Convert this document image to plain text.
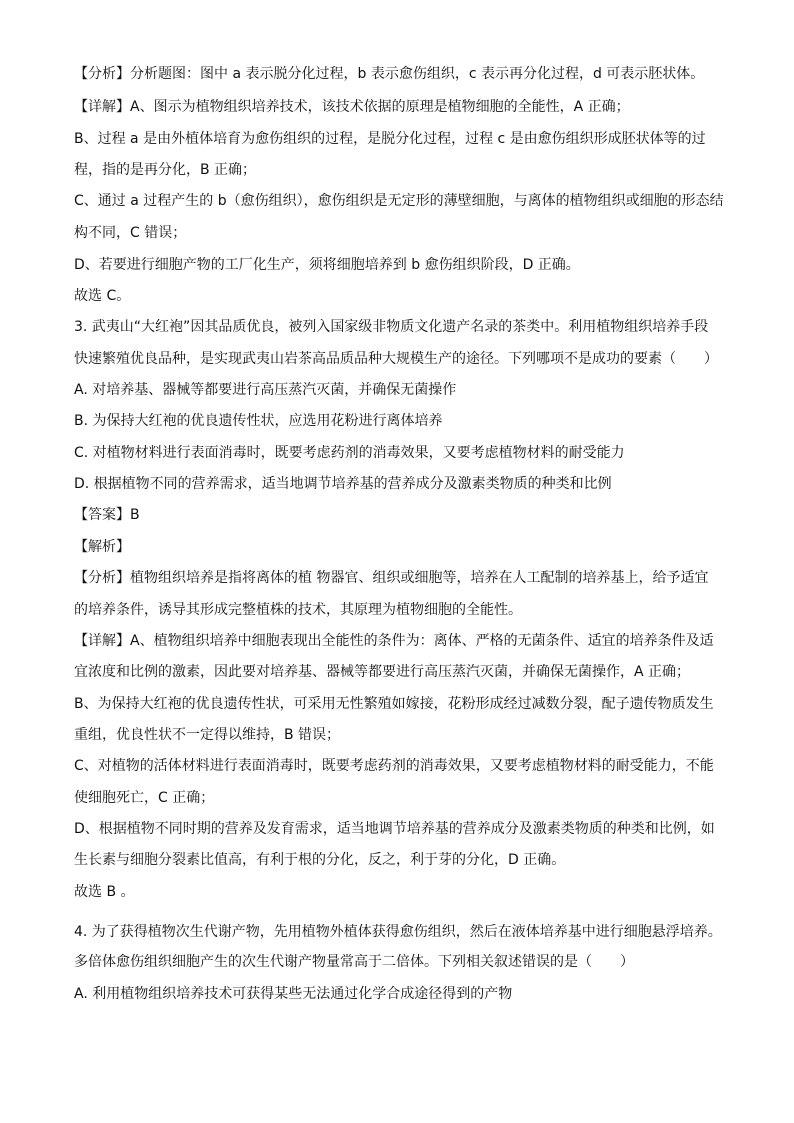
【分析】分析题图：图中 a 表示脱分化过程，b 表示愈伤组织，c 表示再分化过程，d 可表示胚状体。
【详解】A、图示为植物组织培养技术，该技术依据的原理是植物细胞的全能性，A 正确；
B、过程 a 是由外植体培育为愈伤组织的过程，是脱分化过程，过程 c 是由愈伤组织形成胚状体等的过
程，指的是再分化，B 正确；
C、通过 a 过程产生的 b（愈伤组织），愈伤组织是无定形的薄壁细胞，与离体的植物组织或细胞的形态结
构不同，C 错误；
D、若要进行细胞产物的工厂化生产，须将细胞培养到 b 愈伤组织阶段，D 正确。
故选 C。
3. 武夷山“大红袍”因其品质优良，被列入国家级非物质文化遗产名录的茶类中。利用植物组织培养手段
快速繁殖优良品种，是实现武夷山岩茶高品质品种大规模生产的途径。下列哪项不是成功的要素（　　）
A. 对培养基、器械等都要进行高压蒸汽灭菌，并确保无菌操作
B. 为保持大红袍的优良遗传性状，应选用花粉进行离体培养
C. 对植物材料进行表面消毒时，既要考虑药剂的消毒效果，又要考虑植物材料的耐受能力
D. 根据植物不同的营养需求，适当地调节培养基的营养成分及激素类物质的种类和比例
【答案】B
【解析】
【分析】植物组织培养是指将离体的植 物器官、组织或细胞等，培养在人工配制的培养基上，给予适宜
的培养条件，诱导其形成完整植株的技术，其原理为植物细胞的全能性。
【详解】A、植物组织培养中细胞表现出全能性的条件为：离体、严格的无菌条件、适宜的培养条件及适
宜浓度和比例的激素，因此要对培养基、器械等都要进行高压蒸汽灭菌，并确保无菌操作，A 正确；
B、为保持大红袍的优良遗传性状，可采用无性繁殖如嫁接，花粉形成经过减数分裂，配子遗传物质发生
重组，优良性状不一定得以维持，B 错误；
C、对植物的活体材料进行表面消毒时，既要考虑药剂的消毒效果，又要考虑植物材料的耐受能力，不能
使细胞死亡，C 正确；
D、根据植物不同时期的营养及发育需求，适当地调节培养基的营养成分及激素类物质的种类和比例，如
生长素与细胞分裂素比值高，有利于根的分化，反之，利于芽的分化，D 正确。
故选 B 。
4. 为了获得植物次生代谢产物，先用植物外植体获得愈伤组织，然后在液体培养基中进行细胞悬浮培养。
多倍体愈伤组织细胞产生的次生代谢产物量常高于二倍体。下列相关叙述错误的是（　　）
A. 利用植物组织培养技术可获得某些无法通过化学合成途径得到的产物
